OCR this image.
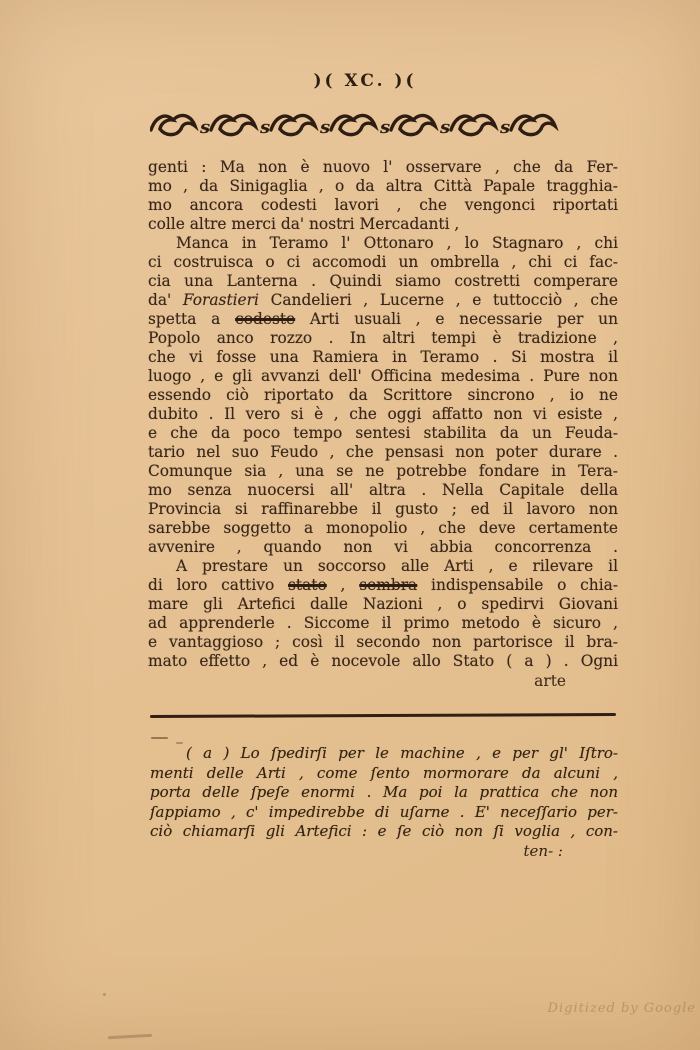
)( XC. )(
s	s	s	s	s	s
genti : Ma non è nuovo l' osservare , che da Fer-
mo , da Sinigaglia , o da altra Città Papale tragghia-
mo ancora codesti lavori , che vengonci riportati
colle altre merci da' nostri Mercadanti ,
Manca in Teramo l' Ottonaro , lo Stagnaro , chi
ci costruisca o ci accomodi un ombrella , chi ci fac-
cia una Lanterna . Quindi siamo costretti comperare
da' Forastieri Candelieri , Lucerne , e tuttocciò , che
spetta a codeste Arti usuali , e necessarie per un
Popolo anco rozzo . In altri tempi è tradizione ,
che vi fosse una Ramiera in Teramo . Si mostra il
luogo , e gli avvanzi dell' Officina medesima . Pure non
essendo ciò riportato da Scrittore sincrono , io ne
dubito . Il vero si è , che oggi affatto non vi esiste ,
e che da poco tempo sentesi stabilita da un Feuda-
tario nel suo Feudo , che pensasi non poter durare .
Comunque sia , una se ne potrebbe fondare in Tera-
mo senza nuocersi all' altra . Nella Capitale della
Provincia si raffinarebbe il gusto ; ed il lavoro non
sarebbe soggetto a monopolio , che deve certamente
avvenire , quando non vi abbia concorrenza .
A prestare un soccorso alle Arti , e rilevare il
di loro cattivo stato , sembra indispensabile o chia-
mare gli Artefici dalle Nazioni , o spedirvi Giovani
ad apprenderle . Siccome il primo metodo è sicuro ,
e vantaggioso ; così il secondo non partorisce il bra-
mato effetto , ed è nocevole allo Stato ( a ) . Ogni
arte
( a ) Lo ſpedirſi per le machine , e per gl' Iſtro-
menti delle Arti , come ſento mormorare da alcuni ,
porta delle ſpeſe enormi . Ma poi la prattica che non
ſappiamo , c' impedirebbe di uſarne . E' neceſſario per-
ciò chiamarſi gli Artefici : e ſe ciò non ſi voglia , con-
ten- :
Digitized by Google
